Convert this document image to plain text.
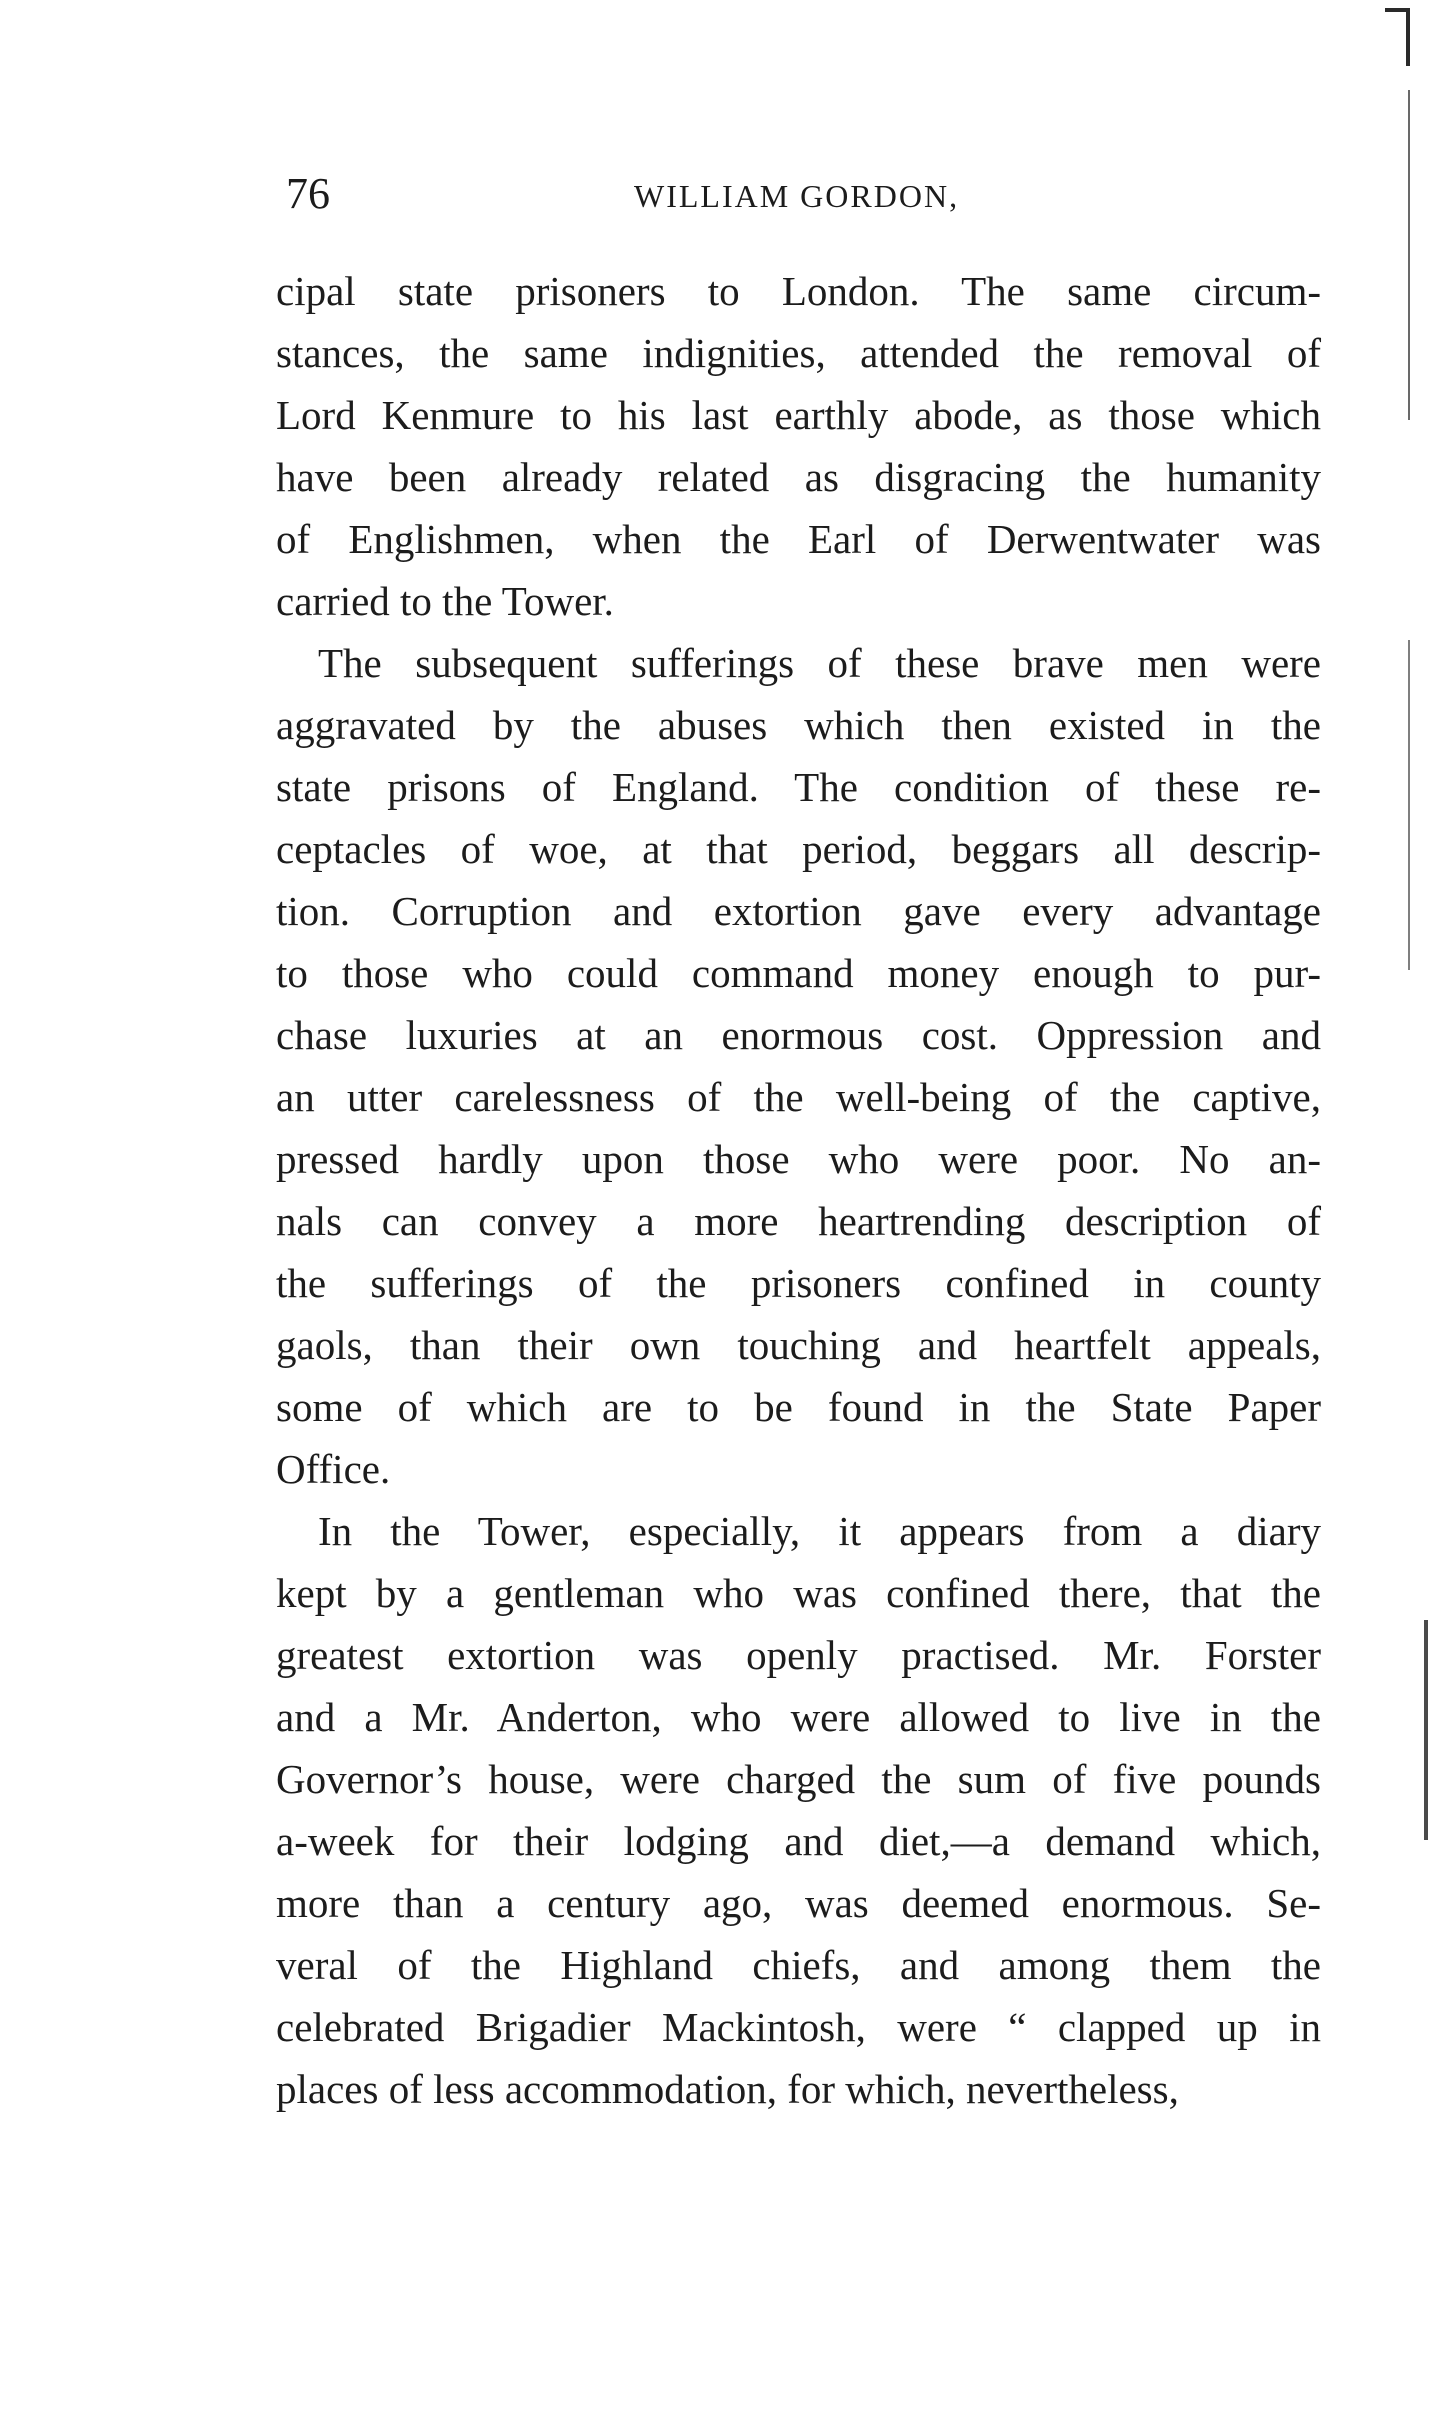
76	WILLIAM GORDON,
cipal state prisoners to London. The same circum-
stances, the same indignities, attended the removal of
Lord Kenmure to his last earthly abode, as those which
have been already related as disgracing the humanity
of Englishmen, when the Earl of Derwentwater was
carried to the Tower.
The subsequent sufferings of these brave men were
aggravated by the abuses which then existed in the
state prisons of England. The condition of these re-
ceptacles of woe, at that period, beggars all descrip-
tion. Corruption and extortion gave every advantage
to those who could command money enough to pur-
chase luxuries at an enormous cost. Oppression and
an utter carelessness of the well-being of the captive,
pressed hardly upon those who were poor. No an-
nals can convey a more heartrending description of
the sufferings of the prisoners confined in county
gaols, than their own touching and heartfelt appeals,
some of which are to be found in the State Paper
Office.
In the Tower, especially, it appears from a diary
kept by a gentleman who was confined there, that the
greatest extortion was openly practised. Mr. Forster
and a Mr. Anderton, who were allowed to live in the
Governor’s house, were charged the sum of five pounds
a-week for their lodging and diet,—a demand which,
more than a century ago, was deemed enormous. Se-
veral of the Highland chiefs, and among them the
celebrated Brigadier Mackintosh, were “ clapped up in
places of less accommodation, for which, nevertheless,
